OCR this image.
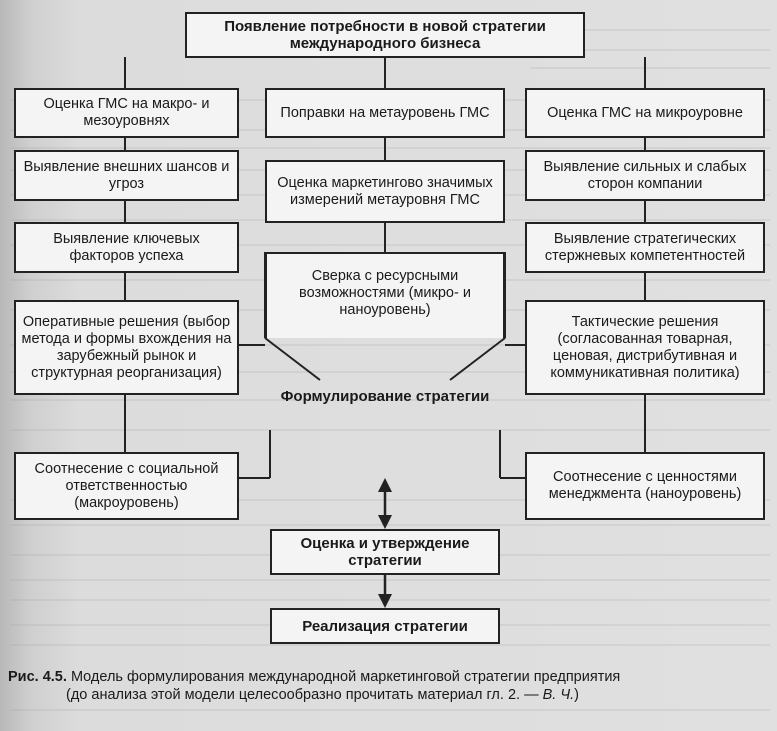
Появление потребности в новой стратегии
международного бизнеса
Оценка ГМС на макро- и мезоуровнях
Выявление внешних шансов и угроз
Выявление ключевых факторов успеха
Оперативные решения (выбор метода и формы вхождения на зарубежный рынок и структурная реорганизация)
Соотнесение с социальной ответственностью (макроуровень)
Поправки на метауровень ГМС
Оценка маркетингово значимых измерений метауровня ГМС
Сверка с ресурсными возможностями (микро- и наноуровень)
Формулирование стратегии
Оценка ГМС на микроуровне
Выявление сильных и слабых сторон компании
Выявление стратегических стержневых компетентностей
Тактические решения (согласованная товарная, ценовая, дистрибутивная и коммуникативная политика)
Соотнесение с ценностями менеджмента (наноуровень)
Оценка и утверждение стратегии
Реализация стратегии
Рис. 4.5. Модель формулирования международной маркетинговой стратегии предприятия
(до анализа этой модели целесообразно прочитать материал гл. 2. — В. Ч.)
